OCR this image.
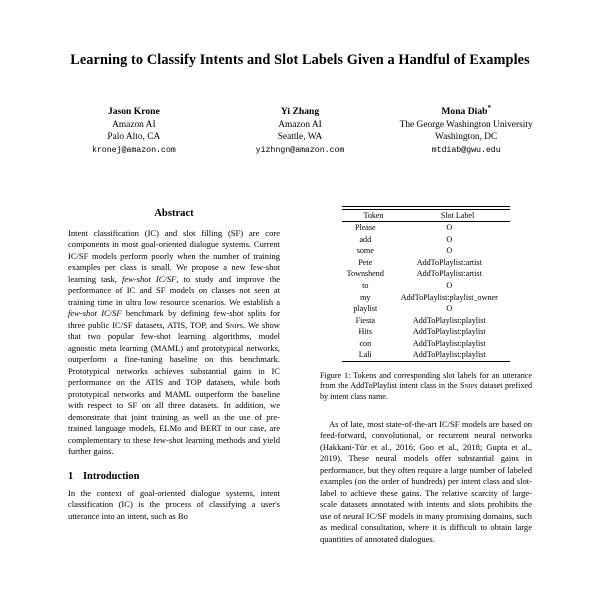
Learning to Classify Intents and Slot Labels Given a Handful of Examples
Jason Krone
Amazon AI
Palo Alto, CA
kronej@amazon.com
Yi Zhang
Amazon AI
Seattle, WA
yizhngn@amazon.com
Mona Diab*
The George Washington University
Washington, DC
mtdiab@gwu.edu
Abstract

Intent classification (IC) and slot filling (SF) are core components in most goal-oriented dialogue systems. Current IC/SF models perform poorly when the number of training examples per class is small. We propose a new few-shot learning task, few-shot IC/SF, to study and improve the performance of IC and SF models on classes not seen at training time in ultra low resource scenarios. We establish a few-shot IC/SF benchmark by defining few-shot splits for three public IC/SF datasets, ATIS, TOP, and Snips. We show that two popular few-shot learning algorithms, model agnostic meta learning (MAML) and prototypical networks, outperform a fine-tuning baseline on this benchmark. Prototypical networks achieves substantial gains in IC performance on the ATIS and TOP datasets, while both prototypical networks and MAML outperform the baseline with respect to SF on all three datasets. In addition, we demonstrate that joint training as well as the use of pre-trained language models, ELMo and BERT in our case, are complementary to these few-shot learning methods and yield further gains.

1 Introduction

In the context of goal-oriented dialogue systems, intent classification (IC) is the process of classifying a user's utterance into an intent, such as Bo

Token	Slot Label
Please	O
add	O
some	O
Pete	AddToPlaylist:artist
Townshend	AddToPlaylist:artist
to	O
my	AddToPlaylist:playlist_owner
playlist	O
Fiesta	AddToPlaylist:playlist
Hits	AddToPlaylist:playlist
con	AddToPlaylist:playlist
Lali	AddToPlaylist:playlist
Figure 1: Tokens and corresponding slot labels for an utterance from the AddToPlaylist intent class in the Snips dataset prefixed by intent class name.

As of late, most state-of-the-art IC/SF models are based on feed-forward, convolutional, or recurrent neural networks (Hakkani-Tür et al., 2016; Goo et al., 2018; Gupta et al., 2019). These neural models offer substantial gains in performance, but they often require a large number of labeled examples (on the order of hundreds) per intent class and slot-label to achieve these gains. The relative scarcity of large-scale datasets annotated with intents and slots prohibits the use of neural IC/SF models in many promising domains, such as medical consultation, where it is difficult to obtain large quantities of annotated dialogues.
